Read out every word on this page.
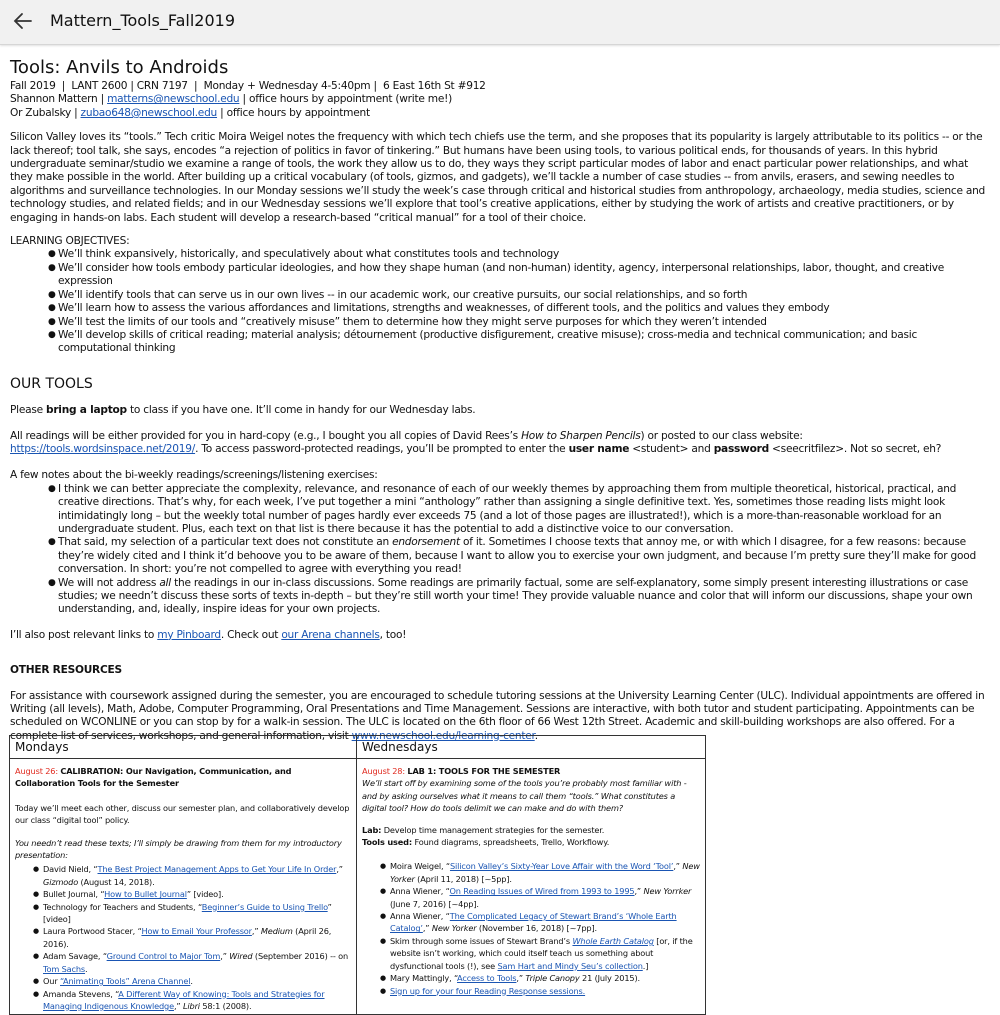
Mattern_Tools_Fall2019
Tools: Anvils to Androids
Fall 2019  |  LANT 2600 | CRN 7197  |  Monday + Wednesday 4-5:40pm |  6 East 16th St #912
Shannon Mattern | matterns@newschool.edu | office hours by appointment (write me!)
Or Zubalsky | zubao648@newschool.edu | office hours by appointment

Silicon Valley loves its “tools.” Tech critic Moira Weigel notes the frequency with which tech chiefs use the term, and she proposes that its popularity is largely attributable to its politics -- or the lack thereof; tool talk, she says, encodes “a rejection of politics in favor of tinkering.” But humans have been using tools, to various political ends, for thousands of years. In this hybrid undergraduate seminar/studio we examine a range of tools, the work they allow us to do, they ways they script particular modes of labor and enact particular power relationships, and what they make possible in the world. After building up a critical vocabulary (of tools, gizmos, and gadgets), we’ll tackle a number of case studies -- from anvils, erasers, and sewing needles to algorithms and surveillance technologies. In our Monday sessions we’ll study the week’s case through critical and historical studies from anthropology, archaeology, media studies, science and technology studies, and related fields; and in our Wednesday sessions we’ll explore that tool’s creative applications, either by studying the work of artists and creative practitioners, or by engaging in hands-on labs. Each student will develop a research-based “critical manual” for a tool of their choice.

LEARNING OBJECTIVES:
● We’ll think expansively, historically, and speculatively about what constitutes tools and technology
● We’ll consider how tools embody particular ideologies, and how they shape human (and non-human) identity, agency, interpersonal relationships, labor, thought, and creative expression
● We’ll identify tools that can serve us in our own lives -- in our academic work, our creative pursuits, our social relationships, and so forth
● We’ll learn how to assess the various affordances and limitations, strengths and weaknesses, of different tools, and the politics and values they embody
● We’ll test the limits of our tools and “creatively misuse” them to determine how they might serve purposes for which they weren’t intended
● We’ll develop skills of critical reading; material analysis; détournement (productive disfigurement, creative misuse); cross-media and technical communication; and basic computational thinking
OUR TOOLS

Please bring a laptop to class if you have one. It’ll come in handy for our Wednesday labs.

All readings will be either provided for you in hard-copy (e.g., I bought you all copies of David Rees’s How to Sharpen Pencils) or posted to our class website: https://tools.wordsinspace.net/2019/. To access password-protected readings, you’ll be prompted to enter the user name <student> and password <seecritfilez>. Not so secret, eh?

A few notes about the bi-weekly readings/screenings/listening exercises:

● I think we can better appreciate the complexity, relevance, and resonance of each of our weekly themes by approaching them from multiple theoretical, historical, practical, and creative directions. That’s why, for each week, I’ve put together a mini “anthology” rather than assigning a single definitive text. Yes, sometimes those reading lists might look intimidatingly long – but the weekly total number of pages hardly ever exceeds 75 (and a lot of those pages are illustrated!), which is a more-than-reasonable workload for an undergraduate student. Plus, each text on that list is there because it has the potential to add a distinctive voice to our conversation.
● That said, my selection of a particular text does not constitute an endorsement of it. Sometimes I choose texts that annoy me, or with which I disagree, for a few reasons: because they’re widely cited and I think it’d behoove you to be aware of them, because I want to allow you to exercise your own judgment, and because I’m pretty sure they’ll make for good conversation. In short: you’re not compelled to agree with everything you read!
● We will not address all the readings in our in-class discussions. Some readings are primarily factual, some are self-explanatory, some simply present interesting illustrations or case studies; we needn’t discuss these sorts of texts in-depth – but they’re still worth your time! They provide valuable nuance and color that will inform our discussions, shape your own understanding, and, ideally, inspire ideas for your own projects.

I’ll also post relevant links to my Pinboard. Check out our Arena channels, too!

OTHER RESOURCES

For assistance with coursework assigned during the semester, you are encouraged to schedule tutoring sessions at the University Learning Center (ULC). Individual appointments are offered in Writing (all levels), Math, Adobe, Computer Programming, Oral Presentations and Time Management. Sessions are interactive, with both tutor and student participating. Appointments can be scheduled on WCONLINE or you can stop by for a walk-in session. The ULC is located on the 6th floor of 66 West 12th Street. Academic and skill-building workshops are also offered. For a complete list of services, workshops, and general information, visit www.newschool.edu/learning-center.

Mondays
August 26: CALIBRATION: Our Navigation, Communication, and Collaboration Tools for the Semester
Today we’ll meet each other, discuss our semester plan, and collaboratively develop our class “digital tool” policy.
You needn’t read these texts; I’ll simply be drawing from them for my introductory presentation:
● David Nield, “The Best Project Management Apps to Get Your Life In Order,” Gizmodo (August 14, 2018).
● Bullet Journal, “How to Bullet Journal” [video].
● Technology for Teachers and Students, “Beginner’s Guide to Using Trello” [video]
● Laura Portwood Stacer, “How to Email Your Professor,” Medium (April 26, 2016).
● Adam Savage, “Ground Control to Major Tom,” Wired (September 2016) -- on Tom Sachs.
● Our “Animating Tools” Arena Channel.
● Amanda Stevens, “A Different Way of Knowing: Tools and Strategies for Managing Indigenous Knowledge,” Libri 58:1 (2008).
Wednesdays
August 28: LAB 1: TOOLS FOR THE SEMESTER
We’ll start off by examining some of the tools you’re probably most familiar with - and by asking ourselves what it means to call them “tools.” What constitutes a digital tool? How do tools delimit we can make and do with them?
Lab: Develop time management strategies for the semester.
Tools used: Found diagrams, spreadsheets, Trello, Workflowy.
● Moira Weigel, “Silicon Valley’s Sixty-Year Love Affair with the Word ‘Tool’,” New Yorker (April 11, 2018) [~5pp].
● Anna Wiener, “On Reading Issues of Wired from 1993 to 1995,” New Yorrker (June 7, 2016) [~4pp].
● Anna Wiener, “The Complicated Legacy of Stewart Brand’s ‘Whole Earth Catalog’,” New Yorker (November 16, 2018) [~7pp].
● Skim through some issues of Stewart Brand’s Whole Earth Catalog [or, if the website isn’t working, which could itself teach us something about dysfunctional tools (!), see Sam Hart and Mindy Seu’s collection.]
● Mary Mattingly, “Access to Tools,” Triple Canopy 21 (July 2015).
● Sign up for your four Reading Response sessions.
